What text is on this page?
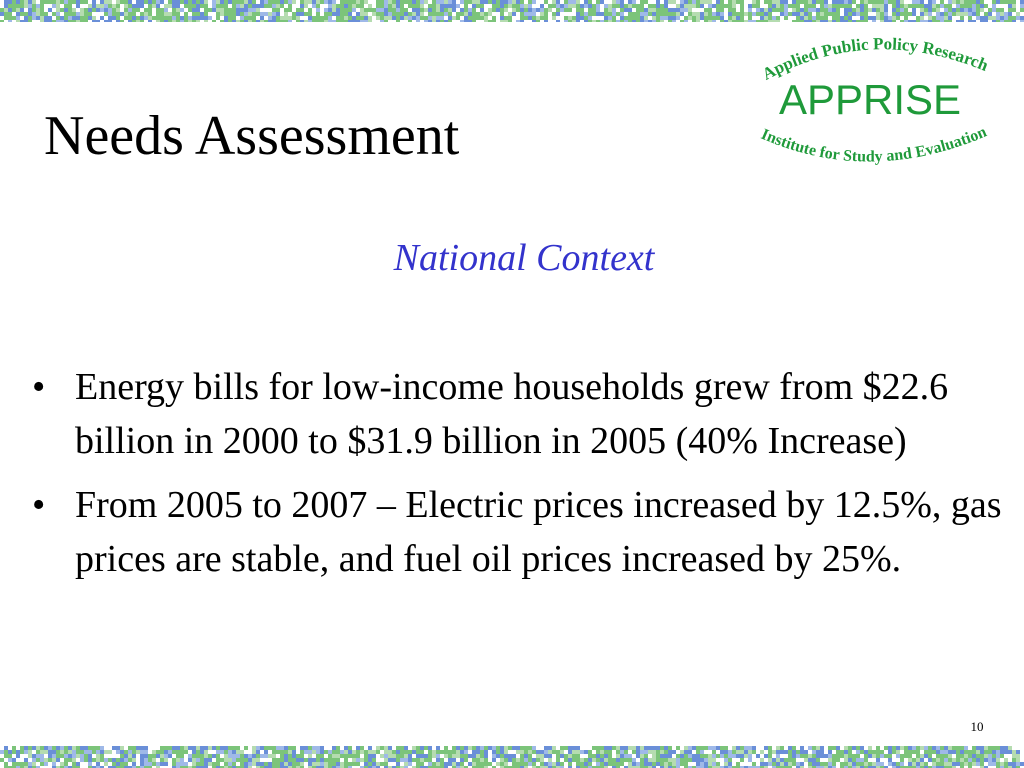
Needs Assessment
Applied Public Policy Research
APPRISE
Institute for Study and Evaluation
National Context
• Energy bills for low-income households grew from $22.6 billion in 2000 to $31.9 billion in 2005 (40% Increase)
• From 2005 to 2007 – Electric prices increased by 12.5%, gas prices are stable, and fuel oil prices increased by 25%.
10
